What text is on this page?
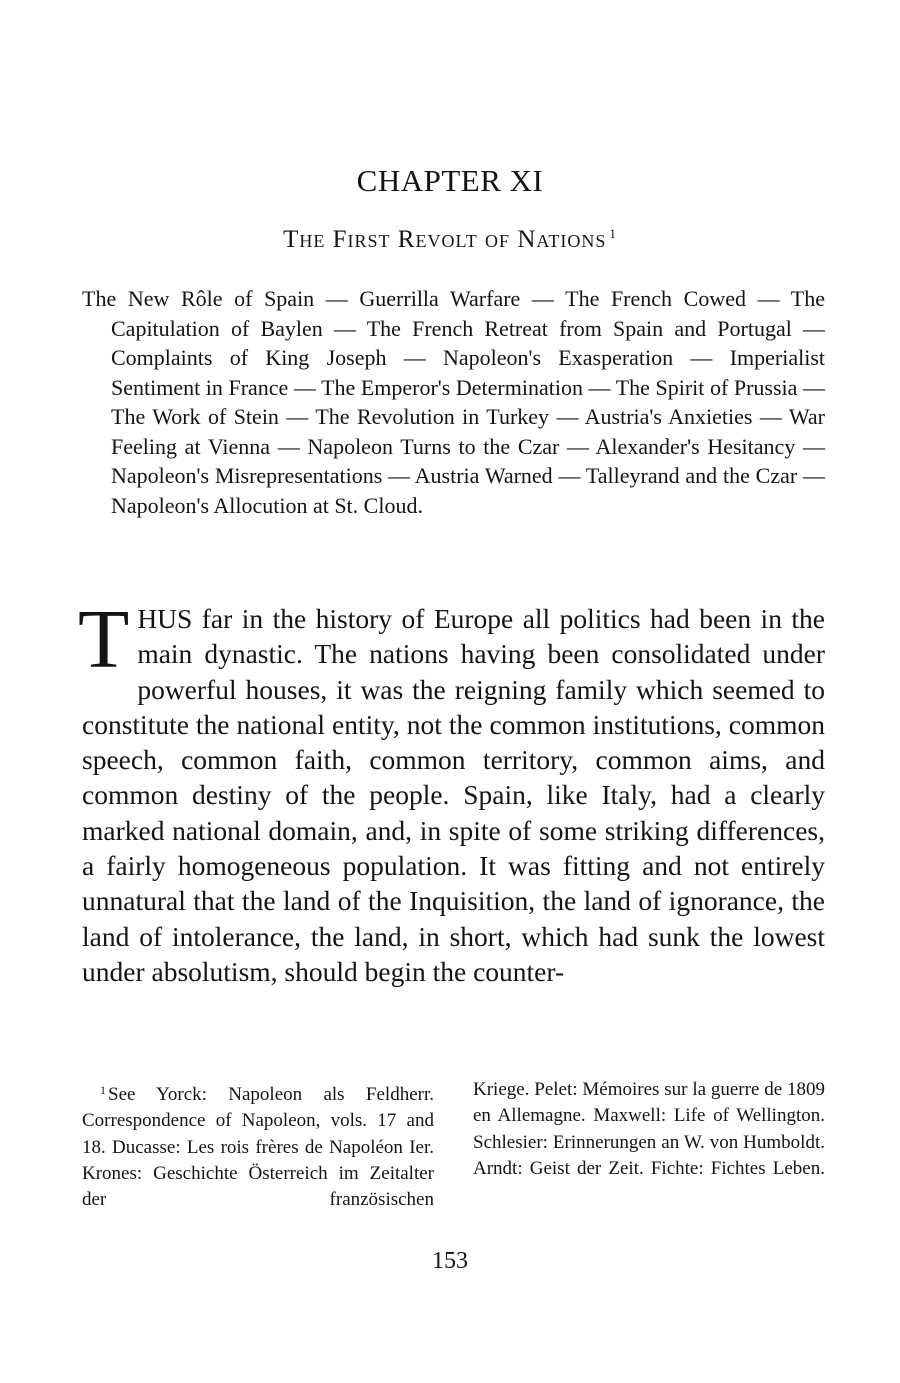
CHAPTER XI
The First Revolt of Nations $^1$
The New Rôle of Spain — Guerrilla Warfare — The French Cowed — The Capitulation of Baylen — The French Retreat from Spain and Portugal — Complaints of King Joseph — Napoleon's Exasperation — Imperialist Sentiment in France — The Emperor's Determination — The Spirit of Prussia — The Work of Stein — The Revolution in Turkey — Austria's Anxieties — War Feeling at Vienna — Napoleon Turns to the Czar — Alexander's Hesitancy — Napoleon's Misrepresentations — Austria Warned — Talleyrand and the Czar — Napoleon's Allocution at St. Cloud.
THUS far in the history of Europe all politics had been in the main dynastic. The nations having been consolidated under powerful houses, it was the reigning family which seemed to constitute the national entity, not the common institutions, common speech, common faith, common territory, common aims, and common destiny of the people. Spain, like Italy, had a clearly marked national domain, and, in spite of some striking differences, a fairly homogeneous population. It was fitting and not entirely unnatural that the land of the Inquisition, the land of ignorance, the land of intolerance, the land, in short, which had sunk the lowest under absolutism, should begin the counter-
$^1$ See Yorck: Napoleon als Feldherr. Correspondence of Napoleon, vols. 17 and 18. Ducasse: Les rois frères de Napoléon Ier. Krones: Geschichte Österreich im Zeitalter der französischen
Kriege. Pelet: Mémoires sur la guerre de 1809 en Allemagne. Maxwell: Life of Wellington. Schlesier: Erinnerungen an W. von Humboldt. Arndt: Geist der Zeit. Fichte: Fichtes Leben.
153
